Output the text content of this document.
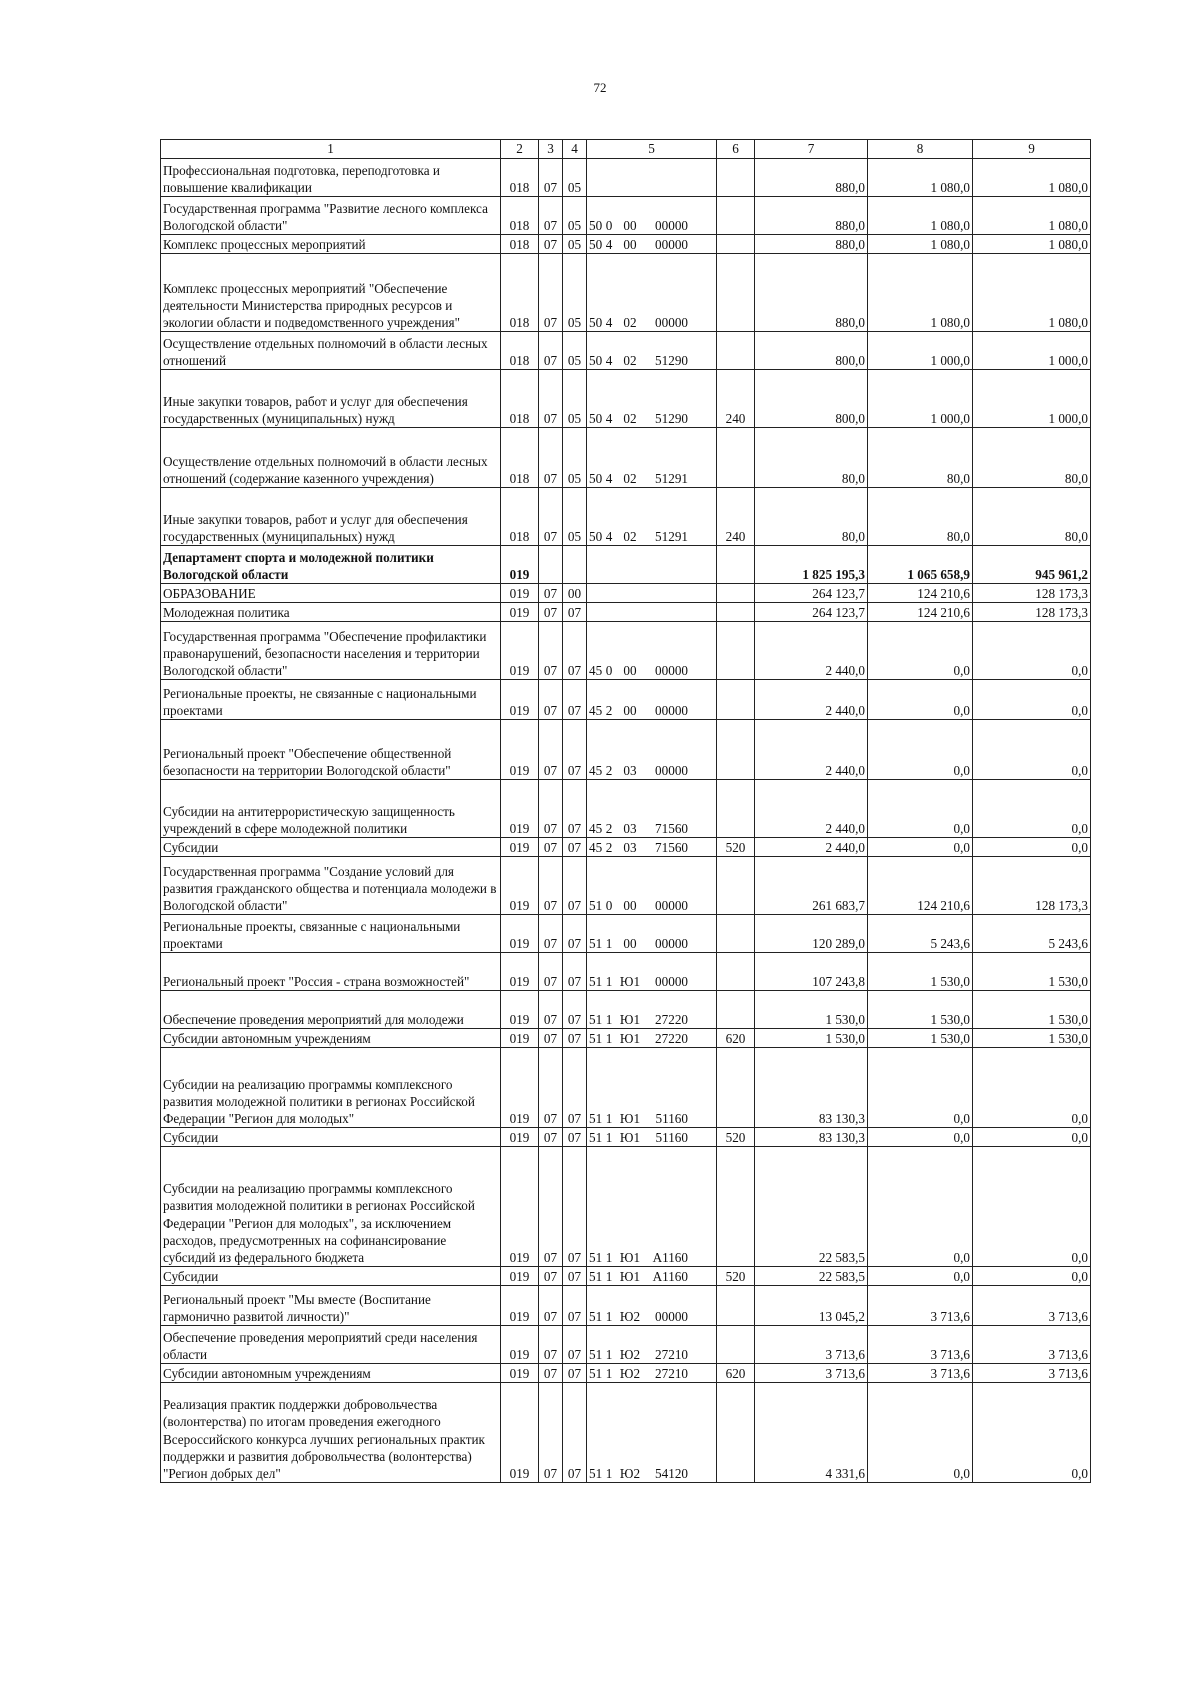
72
1	2	3	4	5	6	7	8	9
Профессиональная подготовка, переподготовка и повышение квалификации	018	07	05			880,0	1 080,0	1 080,0
Государственная программа "Развитие лесного комплекса Вологодской области"	018	07	05	50 0 00 00000		880,0	1 080,0	1 080,0
Комплекс процессных мероприятий	018	07	05	50 4 00 00000		880,0	1 080,0	1 080,0
Комплекс процессных мероприятий "Обеспечение деятельности Министерства природных ресурсов и экологии области и подведомственного учреждения"	018	07	05	50 4 02 00000		880,0	1 080,0	1 080,0
Осуществление отдельных полномочий в области лесных отношений	018	07	05	50 4 02 51290		800,0	1 000,0	1 000,0
Иные закупки товаров, работ и услуг для обеспечения государственных (муниципальных) нужд	018	07	05	50 4 02 51290	240	800,0	1 000,0	1 000,0
Осуществление отдельных полномочий в области лесных отношений (содержание казенного учреждения)	018	07	05	50 4 02 51291		80,0	80,0	80,0
Иные закупки товаров, работ и услуг для обеспечения государственных (муниципальных) нужд	018	07	05	50 4 02 51291	240	80,0	80,0	80,0
Департамент спорта и молодежной политики Вологодской области	019					1 825 195,3	1 065 658,9	945 961,2
ОБРАЗОВАНИЕ	019	07	00			264 123,7	124 210,6	128 173,3
Молодежная политика	019	07	07			264 123,7	124 210,6	128 173,3
Государственная программа "Обеспечение профилактики правонарушений, безопасности населения и территории Вологодской области"	019	07	07	45 0 00 00000		2 440,0	0,0	0,0
Региональные проекты, не связанные с национальными проектами	019	07	07	45 2 00 00000		2 440,0	0,0	0,0
Региональный проект "Обеспечение общественной безопасности на территории Вологодской области"	019	07	07	45 2 03 00000		2 440,0	0,0	0,0
Субсидии на антитеррористическую защищенность учреждений в сфере молодежной политики	019	07	07	45 2 03 71560		2 440,0	0,0	0,0
Субсидии	019	07	07	45 2 03 71560	520	2 440,0	0,0	0,0
Государственная программа "Создание условий для развития гражданского общества и потенциала молодежи в Вологодской области"	019	07	07	51 0 00 00000		261 683,7	124 210,6	128 173,3
Региональные проекты, связанные с национальными проектами	019	07	07	51 1 00 00000		120 289,0	5 243,6	5 243,6
Региональный проект "Россия - страна возможностей"	019	07	07	51 1 Ю1 00000		107 243,8	1 530,0	1 530,0
Обеспечение проведения мероприятий для молодежи	019	07	07	51 1 Ю1 27220		1 530,0	1 530,0	1 530,0
Субсидии автономным учреждениям	019	07	07	51 1 Ю1 27220	620	1 530,0	1 530,0	1 530,0
Субсидии на реализацию программы комплексного развития молодежной политики в регионах Российской Федерации "Регион для молодых"	019	07	07	51 1 Ю1 51160		83 130,3	0,0	0,0
Субсидии	019	07	07	51 1 Ю1 51160	520	83 130,3	0,0	0,0
Субсидии на реализацию программы комплексного развития молодежной политики в регионах Российской Федерации "Регион для молодых", за исключением расходов, предусмотренных на софинансирование субсидий из федерального бюджета	019	07	07	51 1 Ю1 А1160		22 583,5	0,0	0,0
Субсидии	019	07	07	51 1 Ю1 А1160	520	22 583,5	0,0	0,0
Региональный проект "Мы вместе (Воспитание гармонично развитой личности)"	019	07	07	51 1 Ю2 00000		13 045,2	3 713,6	3 713,6
Обеспечение проведения мероприятий среди населения области	019	07	07	51 1 Ю2 27210		3 713,6	3 713,6	3 713,6
Субсидии автономным учреждениям	019	07	07	51 1 Ю2 27210	620	3 713,6	3 713,6	3 713,6
Реализация практик поддержки добровольчества (волонтерства) по итогам проведения ежегодного Всероссийского конкурса лучших региональных практик поддержки и развития добровольчества (волонтерства) "Регион добрых дел"	019	07	07	51 1 Ю2 54120		4 331,6	0,0	0,0
